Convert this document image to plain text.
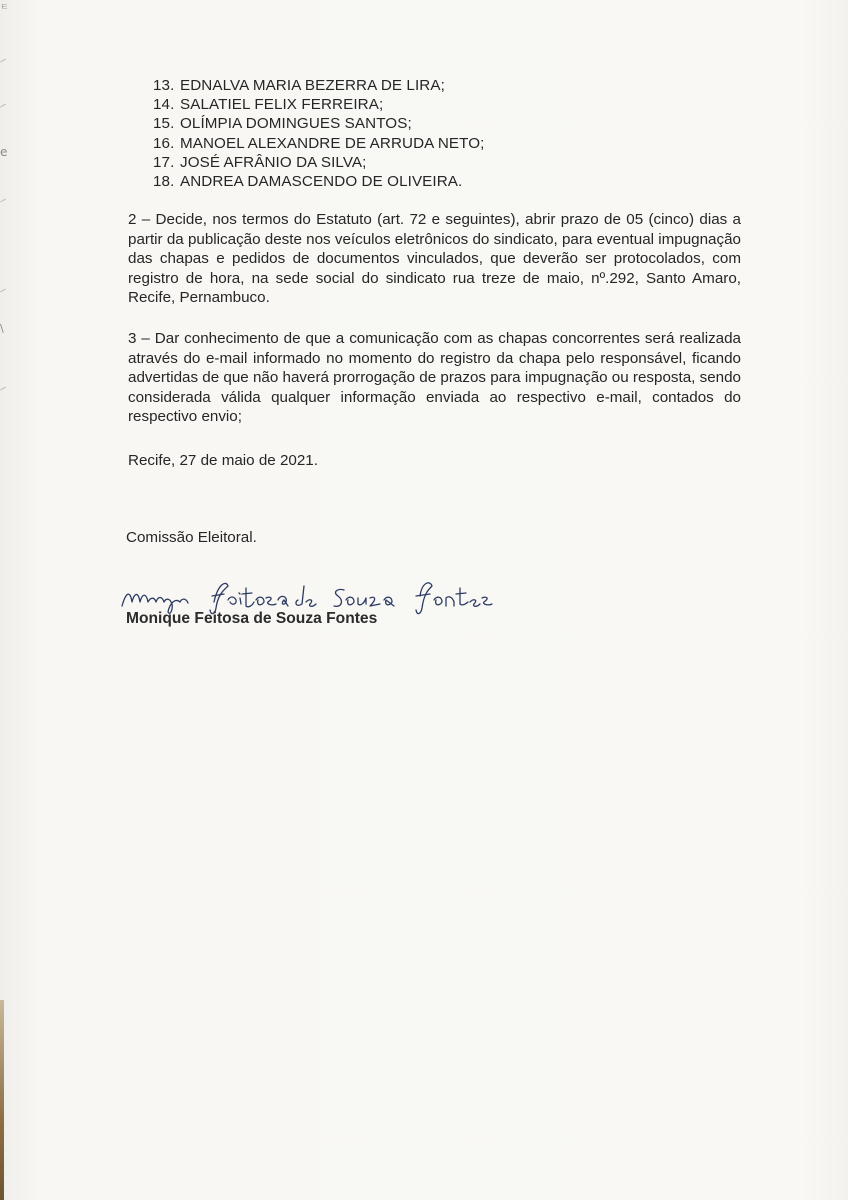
ㅌ
e
\
13. EDNALVA MARIA BEZERRA DE LIRA;
14. SALATIEL FELIX FERREIRA;
15. OLÍMPIA DOMINGUES SANTOS;
16. MANOEL ALEXANDRE DE ARRUDA NETO;
17. JOSÉ AFRÂNIO DA SILVA;
18. ANDREA DAMASCENDO DE OLIVEIRA.

2 – Decide, nos termos do Estatuto (art. 72 e seguintes), abrir prazo de 05 (cinco) dias a partir da publicação deste nos veículos eletrônicos do sindicato, para eventual impugnação das chapas e pedidos de documentos vinculados, que deverão ser protocolados, com registro de hora, na sede social do sindicato rua treze de maio, nº.292, Santo Amaro, Recife, Pernambuco.

3 – Dar conhecimento de que a comunicação com as chapas concorrentes será realizada através do e-mail informado no momento do registro da chapa pelo responsável, ficando advertidas de que não haverá prorrogação de prazos para impugnação ou resposta, sendo considerada válida qualquer informação enviada ao respectivo e-mail, contados do respectivo envio;

Recife, 27 de maio de 2021.
Comissão Eleitoral.
Monique Feitosa de Souza Fontes
